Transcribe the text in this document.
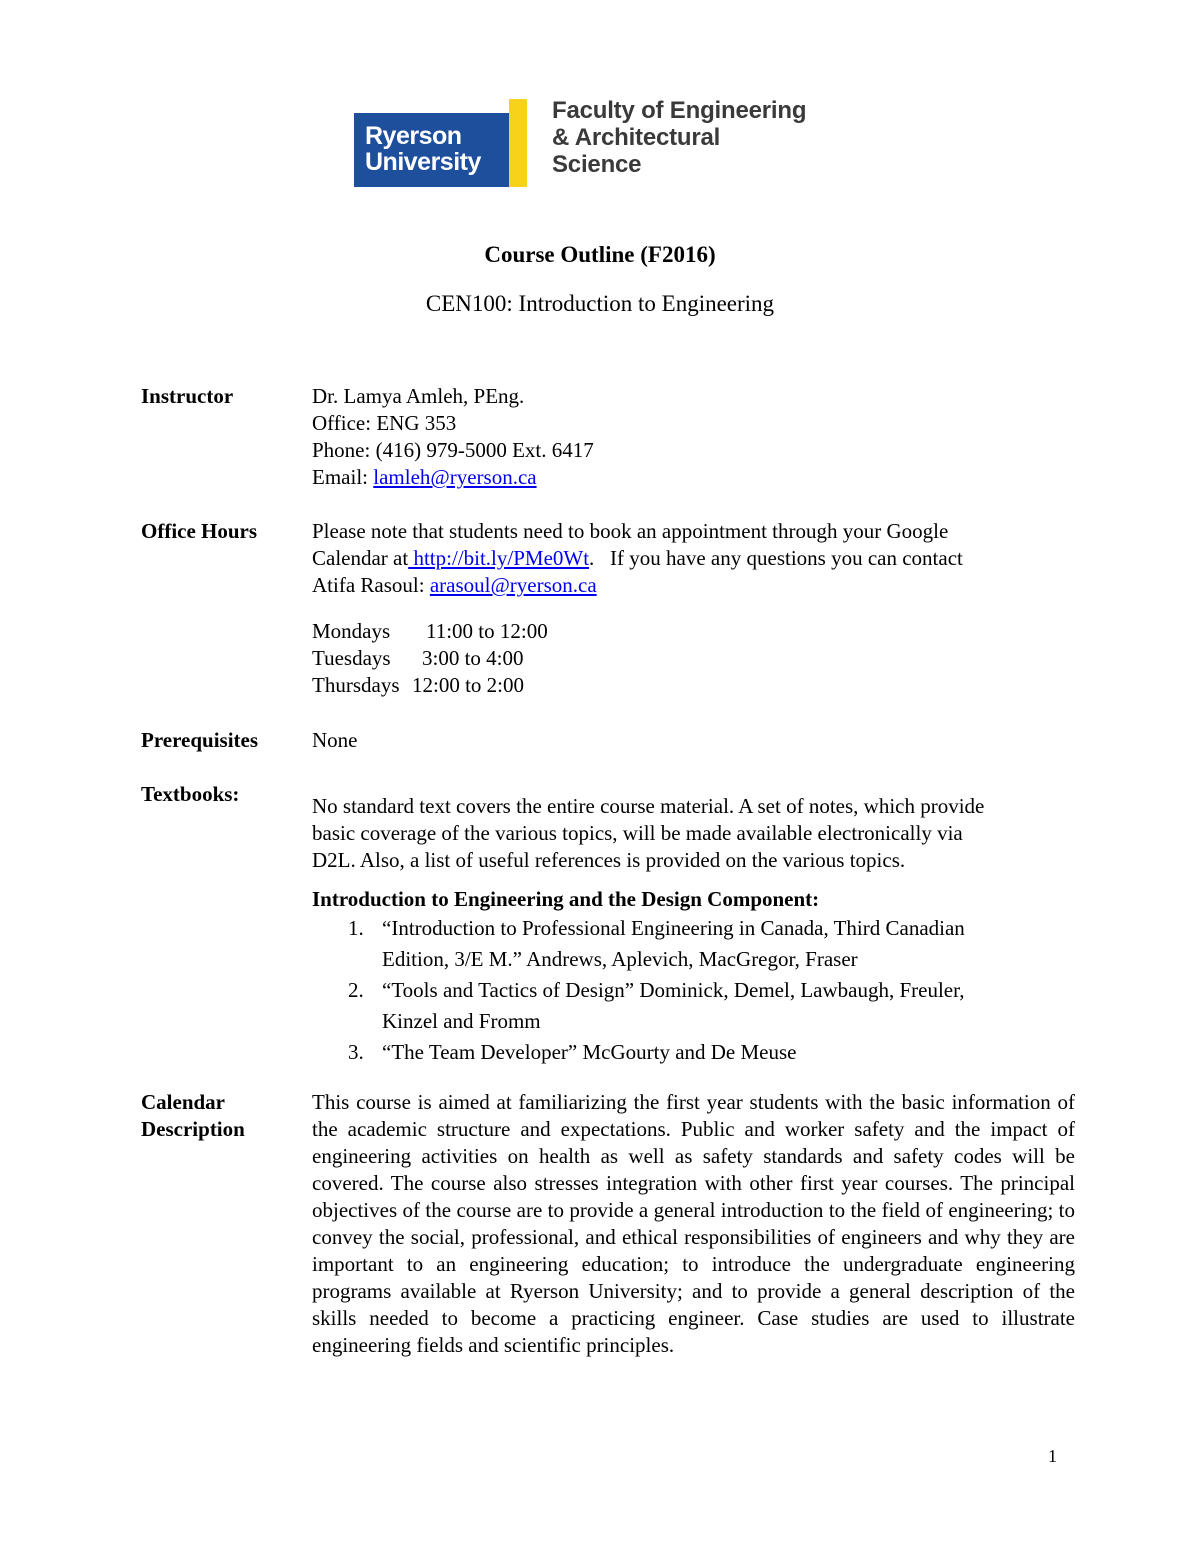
Ryerson
University
Faculty of Engineering
& Architectural
Science
Course Outline (F2016)
CEN100: Introduction to Engineering
Instructor	Dr. Lamya Amleh, PEng.
Office: ENG 353
Phone: (416) 979-5000 Ext. 6417
Email: lamleh@ryerson.ca
Office Hours	Please note that students need to book an appointment through your Google
Calendar at http://bit.ly/PMe0Wt.   If you have any questions you can contact
Atifa Rasoul: arasoul@ryerson.ca
Mondays 11:00 to 12:00
Tuesdays 3:00 to 4:00
Thursdays 12:00 to 2:00
Prerequisites	None
Textbooks:	No standard text covers the entire course material. A set of notes, which provide
basic coverage of the various topics, will be made available electronically via
D2L. Also, a list of useful references is provided on the various topics.
Introduction to Engineering and the Design Component:
1. “Introduction to Professional Engineering in Canada, Third Canadian
Edition, 3/E M.” Andrews, Aplevich, MacGregor, Fraser
2. “Tools and Tactics of Design” Dominick, Demel, Lawbaugh, Freuler,
Kinzel and Fromm
3. “The Team Developer” McGourty and De Meuse
Calendar
Description
This course is aimed at familiarizing the first year students with the basic information of the academic structure and expectations. Public and worker safety and the impact of engineering activities on health as well as safety standards and safety codes will be covered. The course also stresses integration with other first year courses. The principal objectives of the course are to provide a general introduction to the field of engineering; to convey the social, professional, and ethical responsibilities of engineers and why they are important to an engineering education; to introduce the undergraduate engineering programs available at Ryerson University; and to provide a general description of the skills needed to become a practicing engineer. Case studies are used to illustrate engineering fields and scientific principles.
1
